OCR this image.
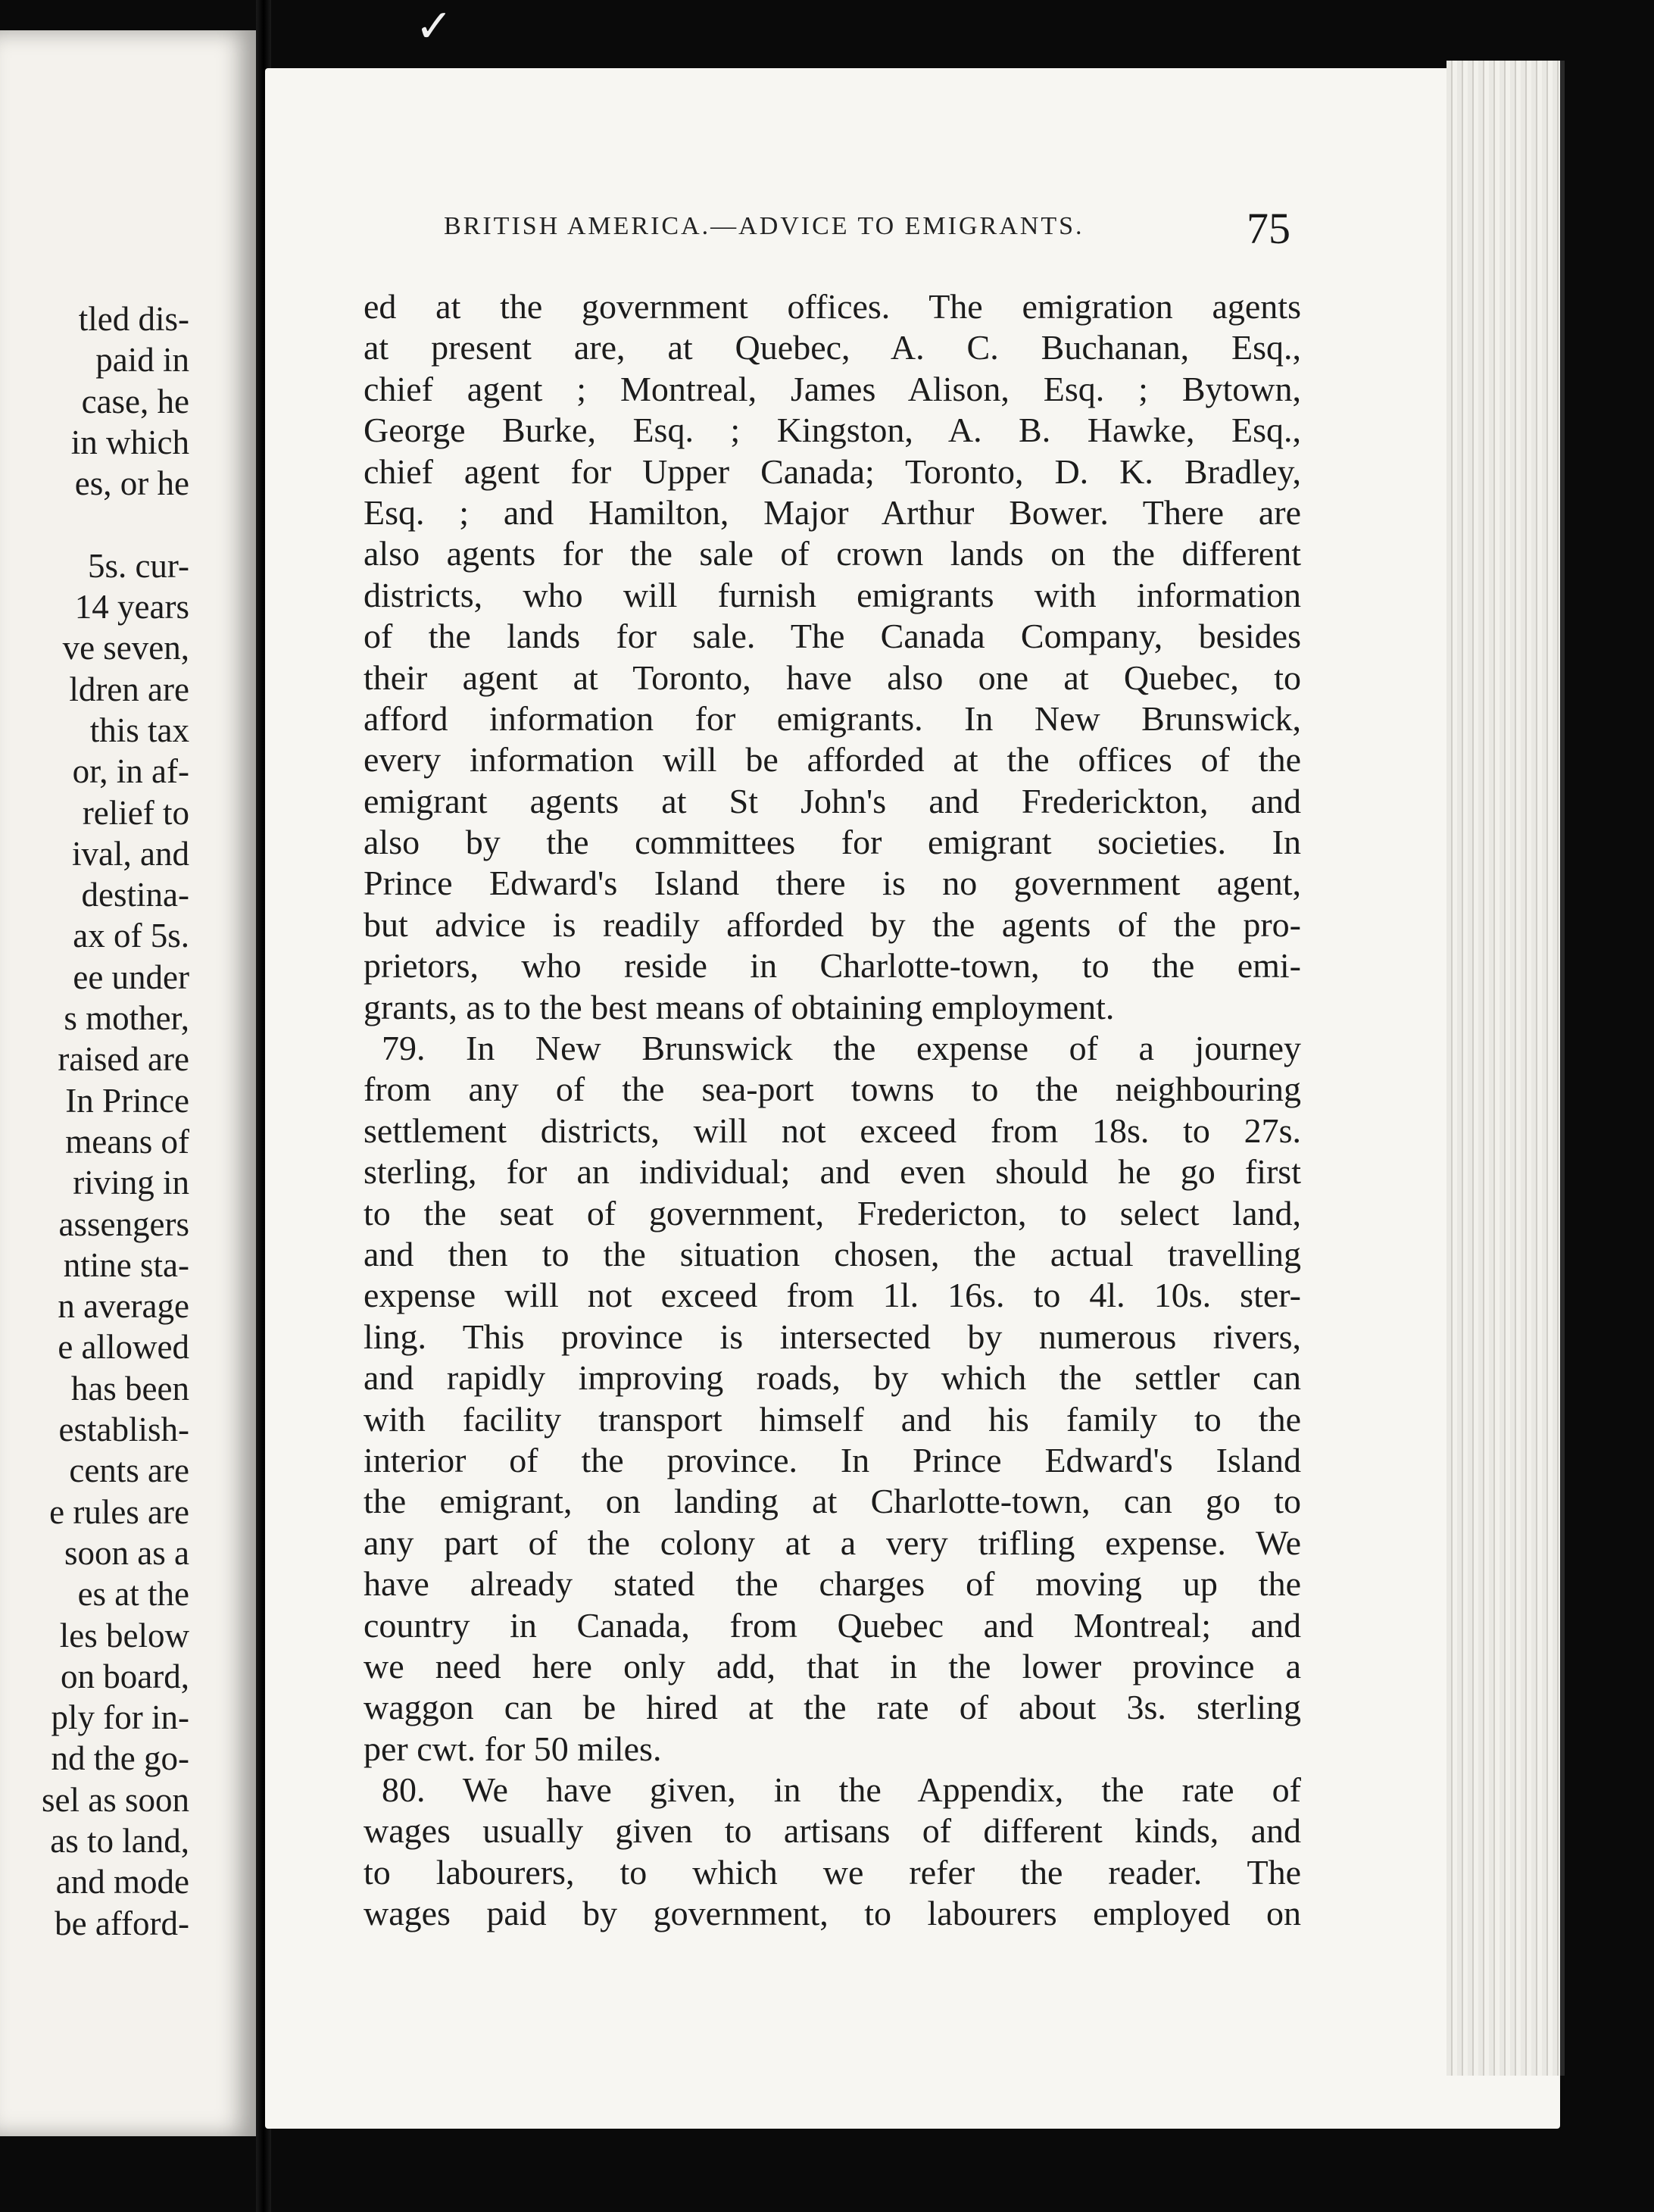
✓
tled dis-
paid in
case, he
in which
es, or he

5s. cur-
14 years
ve seven,
ldren are
this tax
or, in af-
relief to
ival, and
destina-
ax of 5s.
ee under
s mother,
raised are
In Prince
means of
riving in
assengers
ntine sta-
n average
e allowed
has been
establish-
cents are
e rules are
soon as a
es at the
les below
on board,
ply for in-
nd the go-
sel as soon
as to land,
and mode
be afford-
BRITISH AMERICA.—ADVICE TO EMIGRANTS.	75
ed at the government offices. The emigration agents
at present are, at Quebec, A. C. Buchanan, Esq.,
chief agent ; Montreal, James Alison, Esq. ; Bytown,
George Burke, Esq. ; Kingston, A. B. Hawke, Esq.,
chief agent for Upper Canada; Toronto, D. K. Bradley,
Esq. ; and Hamilton, Major Arthur Bower. There are
also agents for the sale of crown lands on the different
districts, who will furnish emigrants with information
of the lands for sale. The Canada Company, besides
their agent at Toronto, have also one at Quebec, to
afford information for emigrants. In New Brunswick,
every information will be afforded at the offices of the
emigrant agents at St John's and Frederickton, and
also by the committees for emigrant societies. In
Prince Edward's Island there is no government agent,
but advice is readily afforded by the agents of the pro-
prietors, who reside in Charlotte-town, to the emi-
grants, as to the best means of obtaining employment.
79. In New Brunswick the expense of a journey
from any of the sea-port towns to the neighbouring
settlement districts, will not exceed from 18s. to 27s.
sterling, for an individual; and even should he go first
to the seat of government, Fredericton, to select land,
and then to the situation chosen, the actual travelling
expense will not exceed from 1l. 16s. to 4l. 10s. ster-
ling. This province is intersected by numerous rivers,
and rapidly improving roads, by which the settler can
with facility transport himself and his family to the
interior of the province. In Prince Edward's Island
the emigrant, on landing at Charlotte-town, can go to
any part of the colony at a very trifling expense. We
have already stated the charges of moving up the
country in Canada, from Quebec and Montreal; and
we need here only add, that in the lower province a
waggon can be hired at the rate of about 3s. sterling
per cwt. for 50 miles.
80. We have given, in the Appendix, the rate of
wages usually given to artisans of different kinds, and
to labourers, to which we refer the reader. The
wages paid by government, to labourers employed on
